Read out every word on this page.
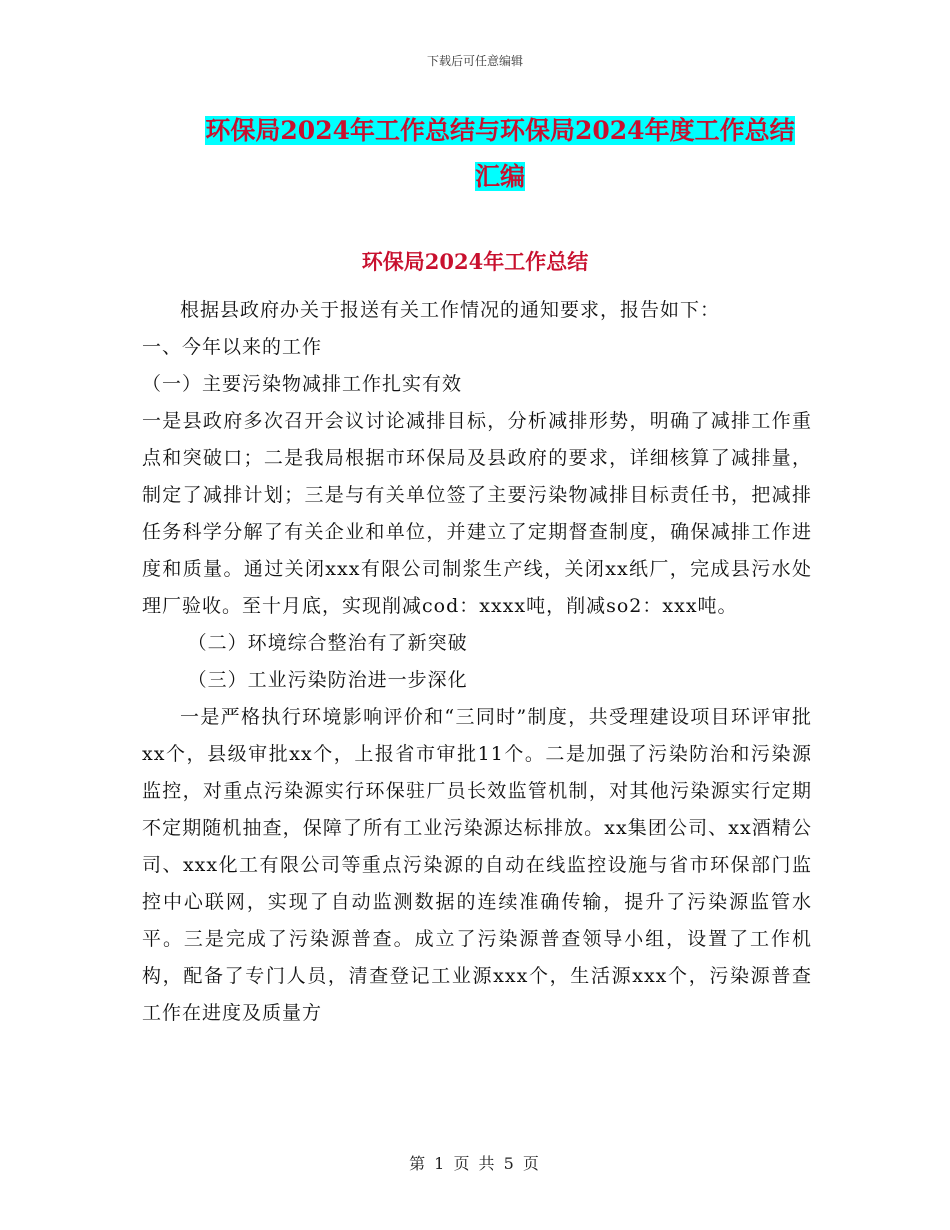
下载后可任意编辑
环保局2024年工作总结与环保局2024年度工作总结
汇编
环保局2024年工作总结

根据县政府办关于报送有关工作情况的通知要求，报告如下：

一、今年以来的工作

（一）主要污染物减排工作扎实有效

一是县政府多次召开会议讨论减排目标，分析减排形势，明确了减排工作重点和突破口；二是我局根据市环保局及县政府的要求，详细核算了减排量，制定了减排计划；三是与有关单位签了主要污染物减排目标责任书，把减排任务科学分解了有关企业和单位，并建立了定期督查制度，确保减排工作进度和质量。通过关闭xxx有限公司制浆生产线，关闭xx纸厂，完成县污水处理厂验收。至十月底，实现削减cod：xxxx吨，削减so2：xxx吨。

（二）环境综合整治有了新突破

（三）工业污染防治进一步深化

一是严格执行环境影响评价和“三同时”制度，共受理建设项目环评审批xx个，县级审批xx个，上报省市审批11个。二是加强了污染防治和污染源监控，对重点污染源实行环保驻厂员长效监管机制，对其他污染源实行定期不定期随机抽查，保障了所有工业污染源达标排放。xx集团公司、xx酒精公司、xxx化工有限公司等重点污染源的自动在线监控设施与省市环保部门监控中心联网，实现了自动监测数据的连续准确传输，提升了污染源监管水平。三是完成了污染源普查。成立了污染源普查领导小组，设置了工作机构，配备了专门人员，清查登记工业源xxx个，生活源xxx个，污染源普查工作在进度及质量方

第 1 页 共 5 页
